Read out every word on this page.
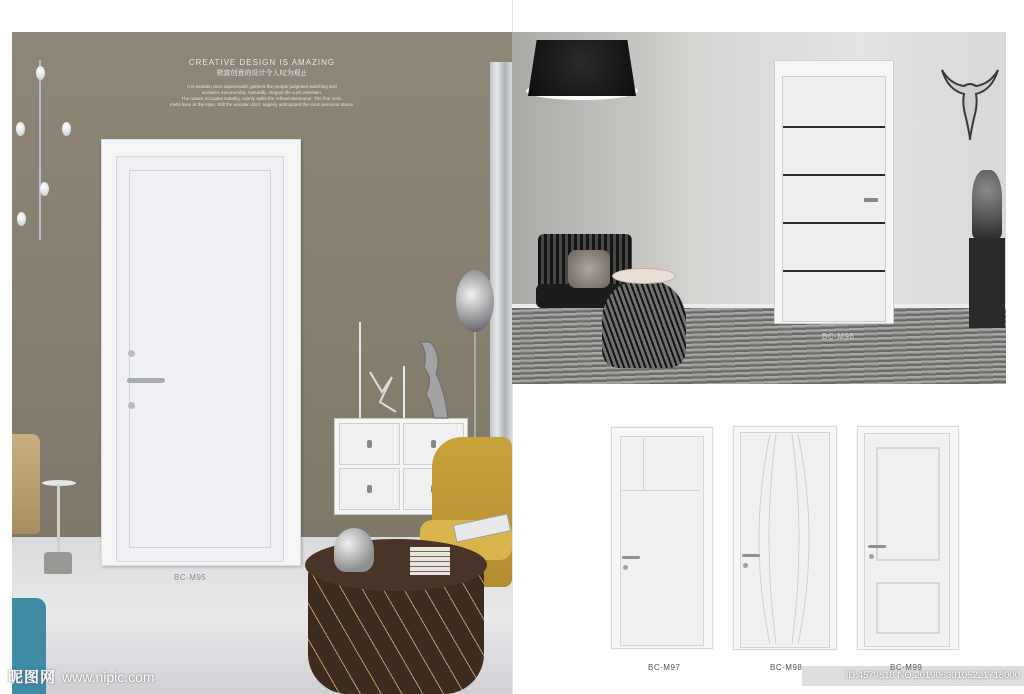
CREATIVE DESIGN IS AMAZING
极富创意的设计令人叹为观止
It is wooden door supermodel, gathers the people judgment watching and
acclaims innumerably. Naturally, elegant life such entertain.
The nature occupies suitably, calmly splits the refined demeanor. The fine color,
melts lives at the style. Still the wooden door, eagerly anticipated the room personal status.
BC-M95
BC-M96
BC-M97	BC-M98	BC-M99
昵图网 www.nipic.com	ID:4579818 NO:20190630105221718000
